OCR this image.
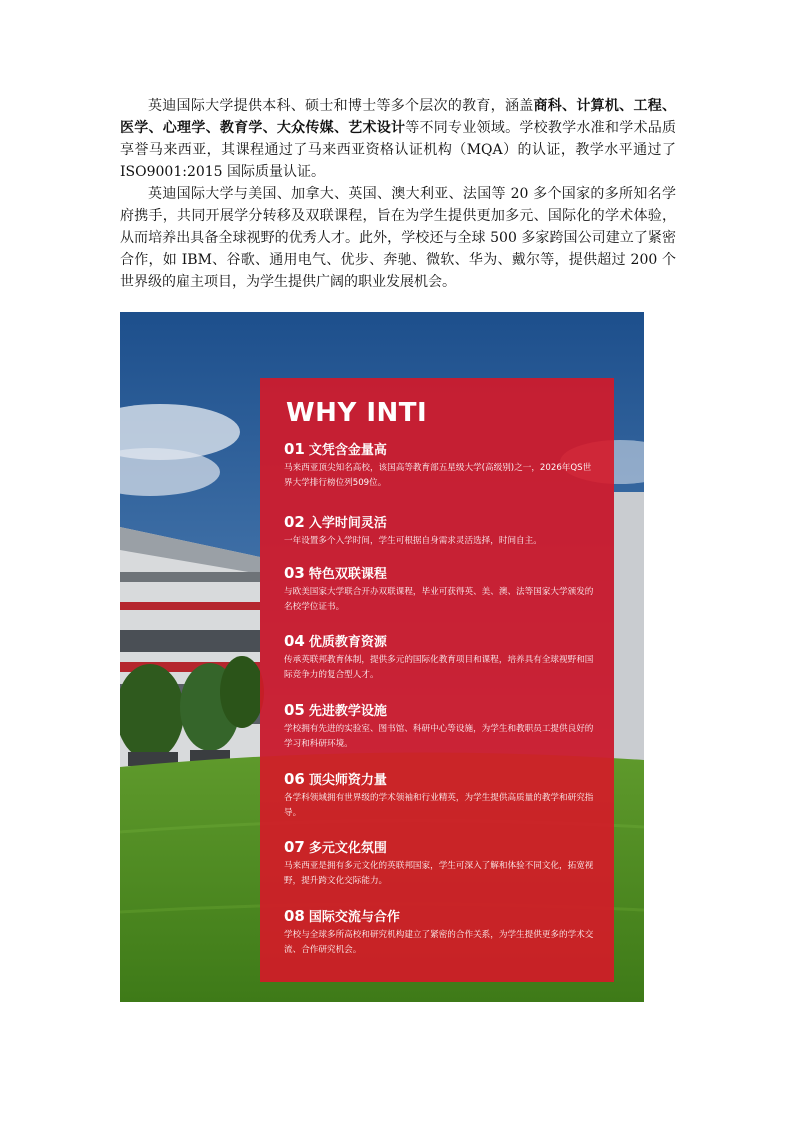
英迪国际大学提供本科、硕士和博士等多个层次的教育，涵盖商科、计算机、工程、医学、心理学、教育学、大众传媒、艺术设计等不同专业领域。学校教学水准和学术品质享誉马来西亚，其课程通过了马来西亚资格认证机构（MQA）的认证，教学水平通过了ISO9001:2015 国际质量认证。

英迪国际大学与美国、加拿大、英国、澳大利亚、法国等 20 多个国家的多所知名学府携手，共同开展学分转移及双联课程，旨在为学生提供更加多元、国际化的学术体验，从而培养出具备全球视野的优秀人才。此外，学校还与全球 500 多家跨国公司建立了紧密合作，如 IBM、谷歌、通用电气、优步、奔驰、微软、华为、戴尔等，提供超过 200 个世界级的雇主项目，为学生提供广阔的职业发展机会。

WHY INTI
01 文凭含金量高
马来西亚顶尖知名高校，该国高等教育部五星级大学(高级别)之一，2026年QS世界大学排行榜位列509位。
02 入学时间灵活
一年设置多个入学时间，学生可根据自身需求灵活选择，时间自主。
03 特色双联课程
与欧美国家大学联合开办双联课程，毕业可获得英、美、澳、法等国家大学颁发的名校学位证书。
04 优质教育资源
传承英联邦教育体制，提供多元的国际化教育项目和课程，培养具有全球视野和国际竞争力的复合型人才。
05 先进教学设施
学校拥有先进的实验室、图书馆、科研中心等设施，为学生和教职员工提供良好的学习和科研环境。
06 顶尖师资力量
各学科领域拥有世界级的学术领袖和行业精英，为学生提供高质量的教学和研究指导。
07 多元文化氛围
马来西亚是拥有多元文化的英联邦国家，学生可深入了解和体验不同文化，拓宽视野，提升跨文化交际能力。
08 国际交流与合作
学校与全球多所高校和研究机构建立了紧密的合作关系，为学生提供更多的学术交流、合作研究机会。
